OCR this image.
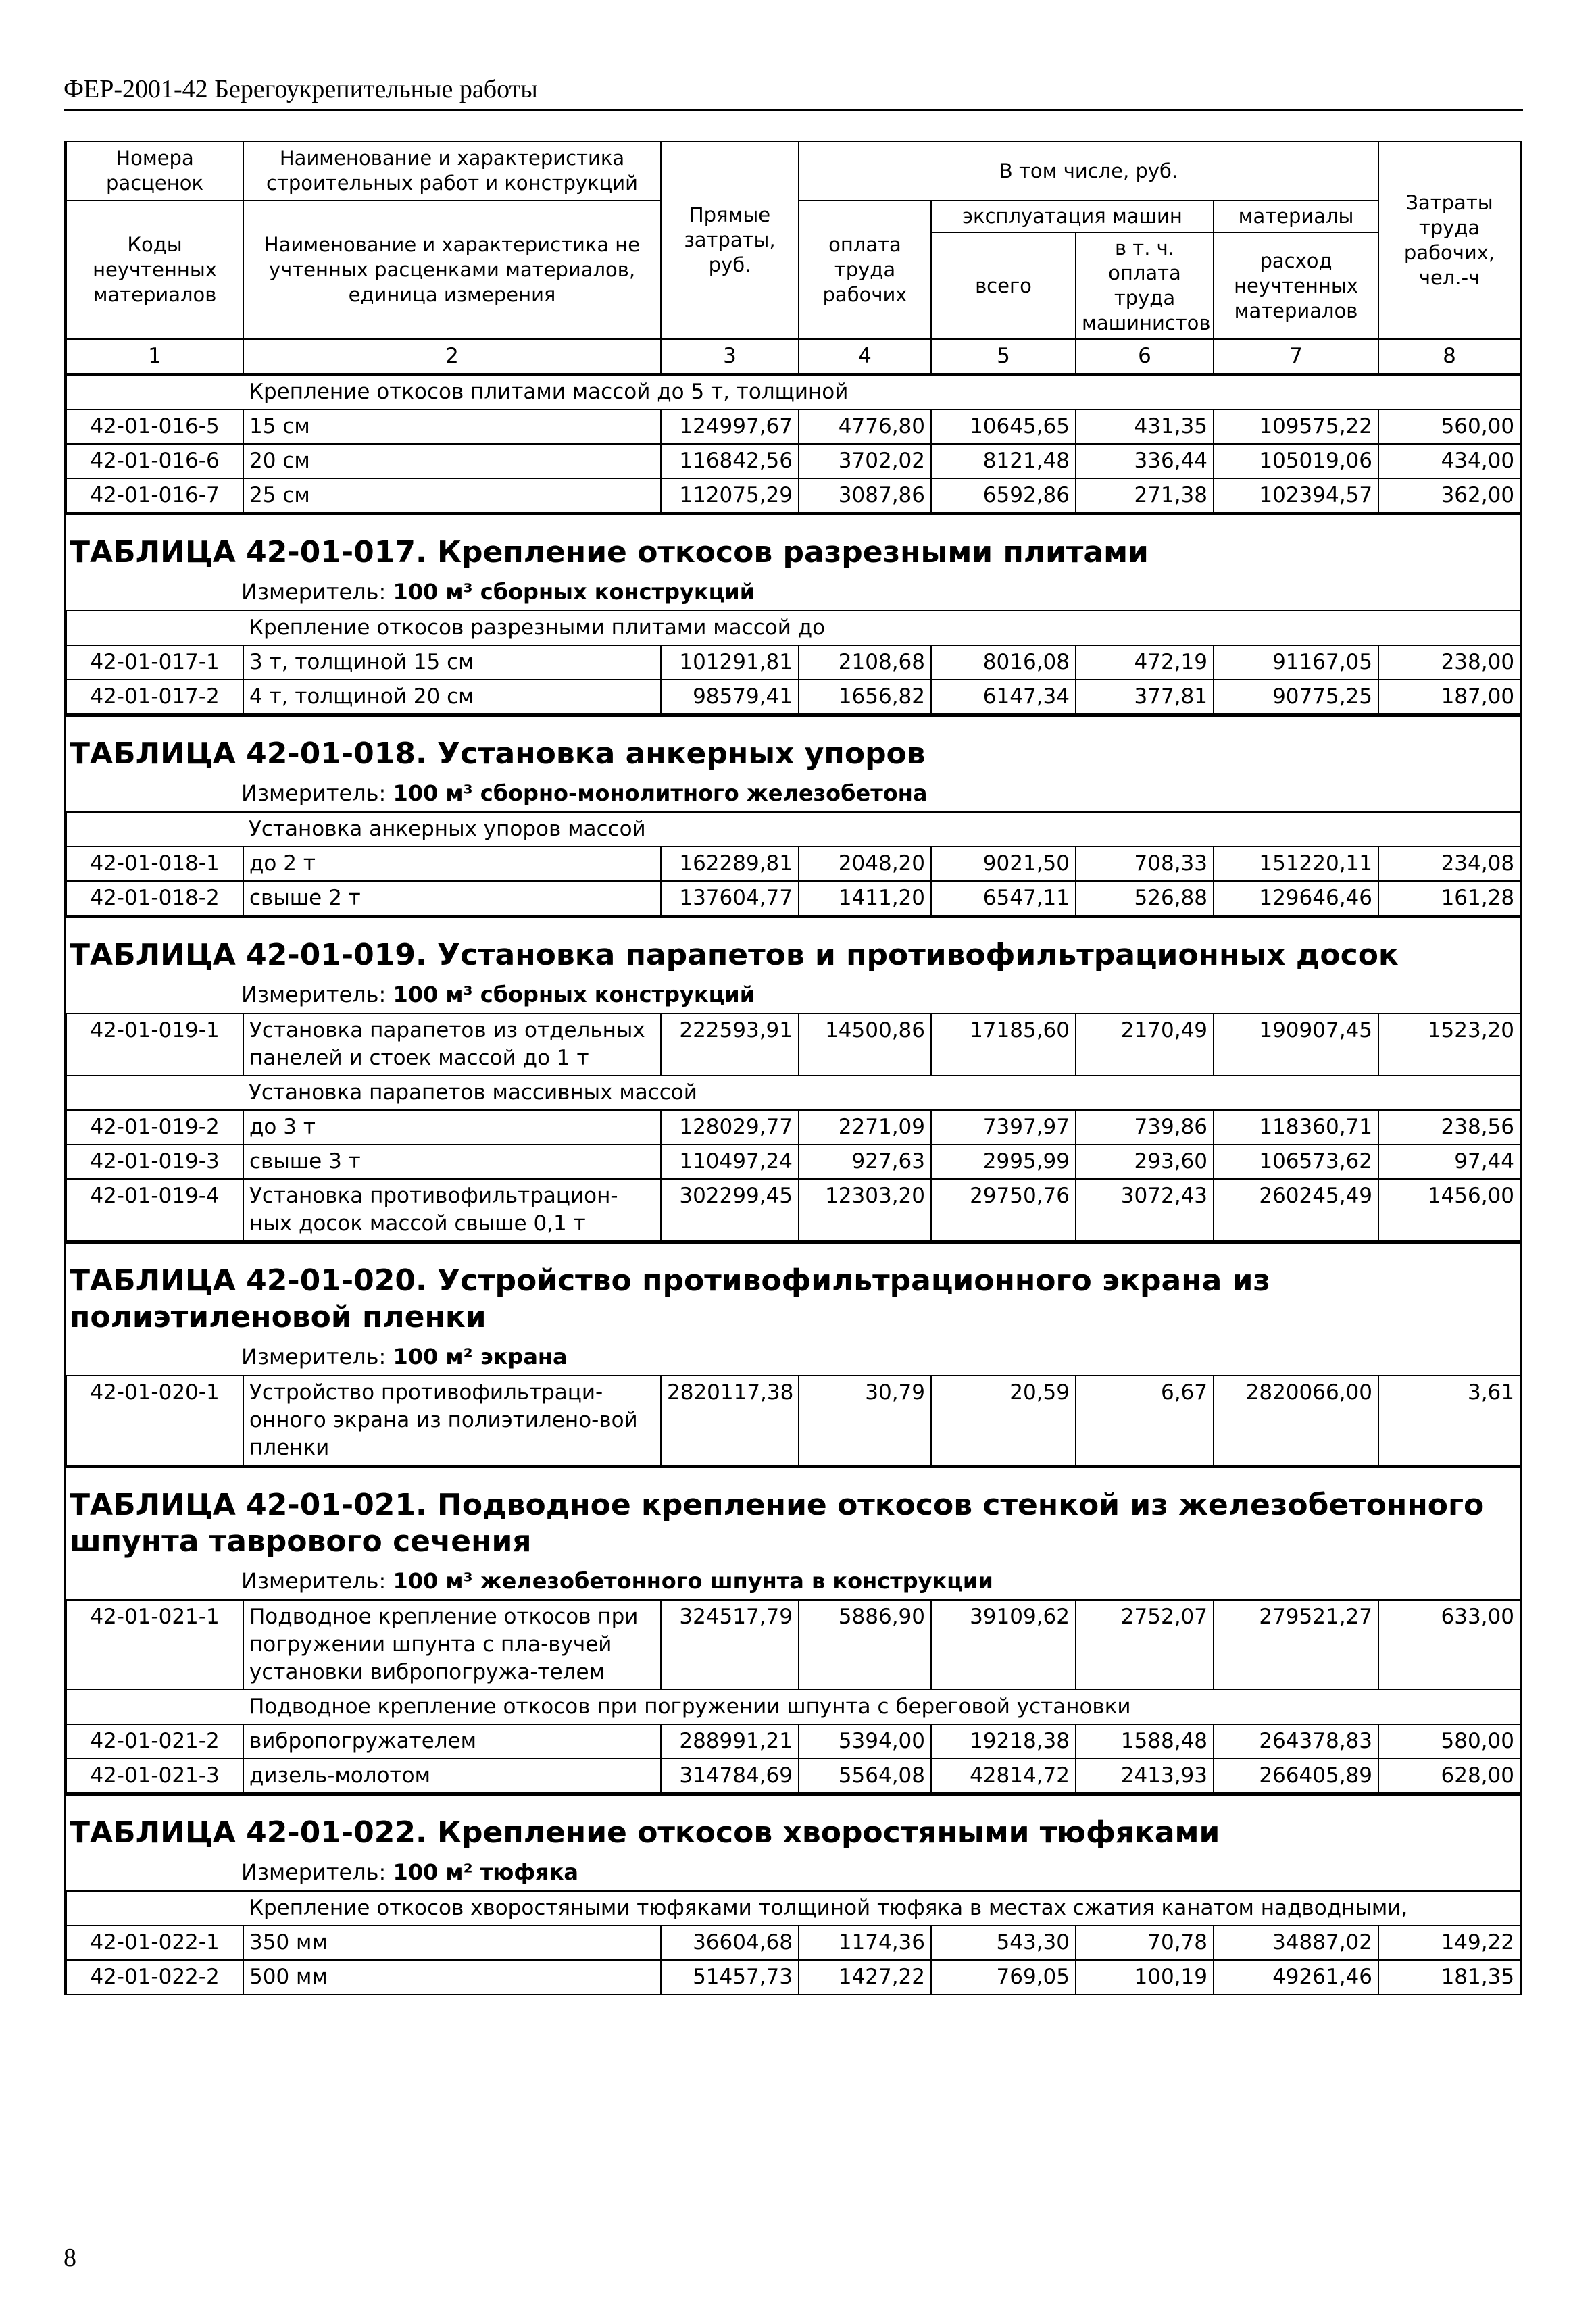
ФЕР-2001-42 Берегоукрепительные работы
Номера расценок	Наименование и характеристика строительных работ и конструкций	Прямые затраты, руб.	В том числе, руб.				Затраты труда рабочих, чел.-ч
Коды неучтенных материалов	Наименование и характеристика не учтенных расценками материалов, единица измерения		оплата труда рабочих	эксплуатация машин		материалы	
				всего	в т. ч. оплата труда машинистов	расход неучтенных материалов	
1	2	3	4	5	6	7	8
	Крепление откосов плитами массой до 5 т, толщиной						
42-01-016-5	15 см	124997,67	4776,80	10645,65	431,35	109575,22	560,00
42-01-016-6	20 см	116842,56	3702,02	8121,48	336,44	105019,06	434,00
42-01-016-7	25 см	112075,29	3087,86	6592,86	271,38	102394,57	362,00
ТАБЛИЦА 42-01-017. Крепление откосов разрезными плитами
Измеритель: 100 м³ сборных конструкций
	Крепление откосов разрезными плитами массой до						
42-01-017-1	3 т, толщиной 15 см	101291,81	2108,68	8016,08	472,19	91167,05	238,00
42-01-017-2	4 т, толщиной 20 см	98579,41	1656,82	6147,34	377,81	90775,25	187,00
ТАБЛИЦА 42-01-018. Установка анкерных упоров
Измеритель: 100 м³ сборно-монолитного железобетона
	Установка анкерных упоров массой						
42-01-018-1	до 2 т	162289,81	2048,20	9021,50	708,33	151220,11	234,08
42-01-018-2	свыше 2 т	137604,77	1411,20	6547,11	526,88	129646,46	161,28
ТАБЛИЦА 42-01-019. Установка парапетов и противофильтрационных досок
Измеритель: 100 м³ сборных конструкций
42-01-019-1	Установка парапетов из отдельных панелей и стоек массой до 1 т	222593,91	14500,86	17185,60	2170,49	190907,45	1523,20
	Установка парапетов массивных массой						
42-01-019-2	до 3 т	128029,77	2271,09	7397,97	739,86	118360,71	238,56
42-01-019-3	свыше 3 т	110497,24	927,63	2995,99	293,60	106573,62	97,44
42-01-019-4	Установка противофильтрацион-ных досок массой свыше 0,1 т	302299,45	12303,20	29750,76	3072,43	260245,49	1456,00
ТАБЛИЦА 42-01-020. Устройство противофильтрационного экрана из полиэтиленовой пленки
Измеритель: 100 м² экрана
42-01-020-1	Устройство противофильтраци-онного экрана из полиэтилено-вой пленки	2820117,38	30,79	20,59	6,67	2820066,00	3,61
ТАБЛИЦА 42-01-021. Подводное крепление откосов стенкой из железобетонного шпунта таврового сечения
Измеритель: 100 м³ железобетонного шпунта в конструкции
42-01-021-1	Подводное крепление откосов при погружении шпунта с пла-вучей установки вибропогружа-телем	324517,79	5886,90	39109,62	2752,07	279521,27	633,00
	Подводное крепление откосов при погружении шпунта с береговой установки						
42-01-021-2	вибропогружателем	288991,21	5394,00	19218,38	1588,48	264378,83	580,00
42-01-021-3	дизель-молотом	314784,69	5564,08	42814,72	2413,93	266405,89	628,00
ТАБЛИЦА 42-01-022. Крепление откосов хворостяными тюфяками
Измеритель: 100 м² тюфяка
	Крепление откосов хворостяными тюфяками толщиной тюфяка в местах сжатия канатом надводными,						
42-01-022-1	350 мм	36604,68	1174,36	543,30	70,78	34887,02	149,22
42-01-022-2	500 мм	51457,73	1427,22	769,05	100,19	49261,46	181,35
8
